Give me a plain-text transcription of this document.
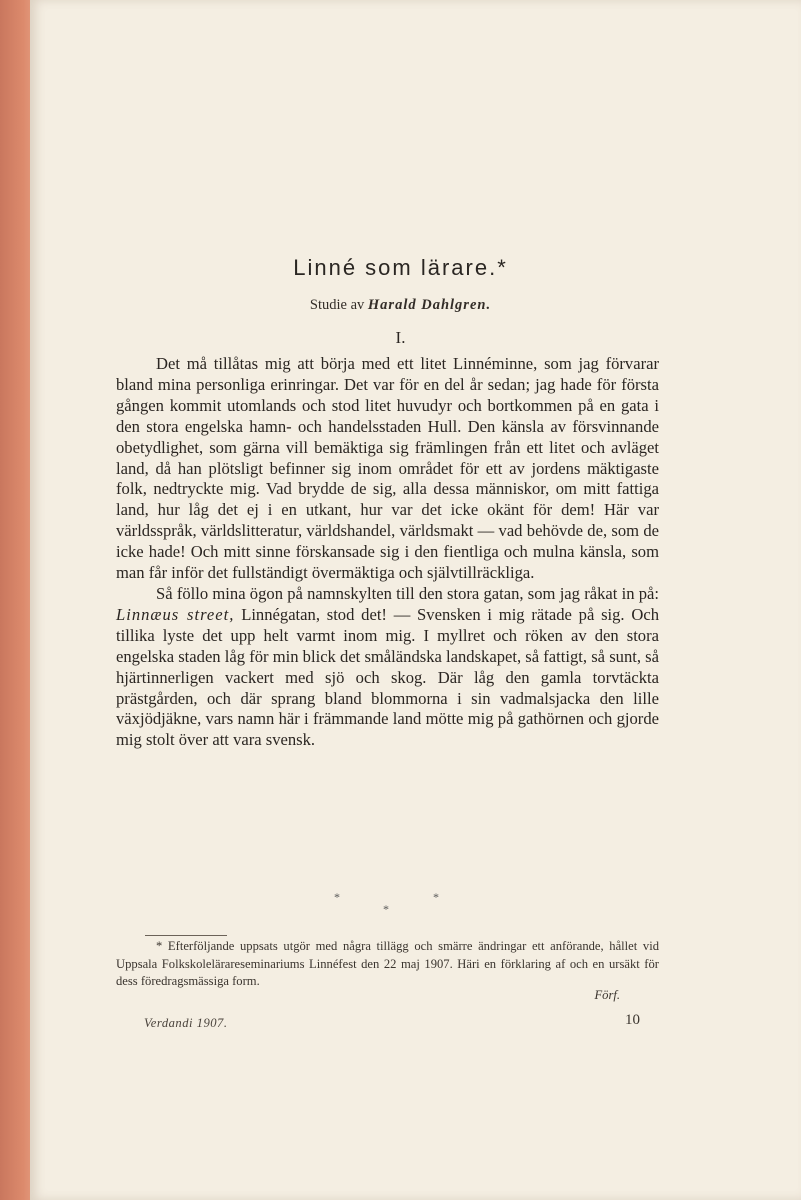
Linné som lärare.*
Studie av Harald Dahlgren.
I.

Det må tillåtas mig att börja med ett litet Linnéminne, som jag förvarar bland mina personliga erinringar. Det var för en del år sedan; jag hade för första gången kommit utomlands och stod litet huvudyr och bortkommen på en gata i den stora engelska hamn- och handelsstaden Hull. Den känsla av försvinnande obetydlighet, som gärna vill bemäktiga sig främlingen från ett litet och avläget land, då han plötsligt befinner sig inom området för ett av jordens mäktigaste folk, nedtryckte mig. Vad brydde de sig, alla dessa människor, om mitt fattiga land, hur låg det ej i en utkant, hur var det icke okänt för dem! Här var världsspråk, världslitteratur, världshandel, världsmakt — vad behövde de, som de icke hade! Och mitt sinne förskansade sig i den fientliga och mulna känsla, som man får inför det fullständigt övermäktiga och självtillräckliga.

Så föllo mina ögon på namnskylten till den stora gatan, som jag råkat in på: Linnæus street, Linnégatan, stod det! — Svensken i mig rätade på sig. Och tillika lyste det upp helt varmt inom mig. I myllret och röken av den stora engelska staden låg för min blick det småländska landskapet, så fattigt, så sunt, så hjärtinnerligen vackert med sjö och skog. Där låg den gamla torvtäckta prästgården, och där sprang bland blommorna i sin vadmalsjacka den lille växjödjäkne, vars namn här i främmande land mötte mig på gathörnen och gjorde mig stolt över att vara svensk.

*	*
*
* Efterföljande uppsats utgör med några tillägg och smärre ändringar ett anförande, hållet vid Uppsala Folkskolelärareseminariums Linnéfest den 22 maj 1907. Häri en förklaring af och en ursäkt för dess föredragsmässiga form.
Förf.
Verdandi 1907.	10
